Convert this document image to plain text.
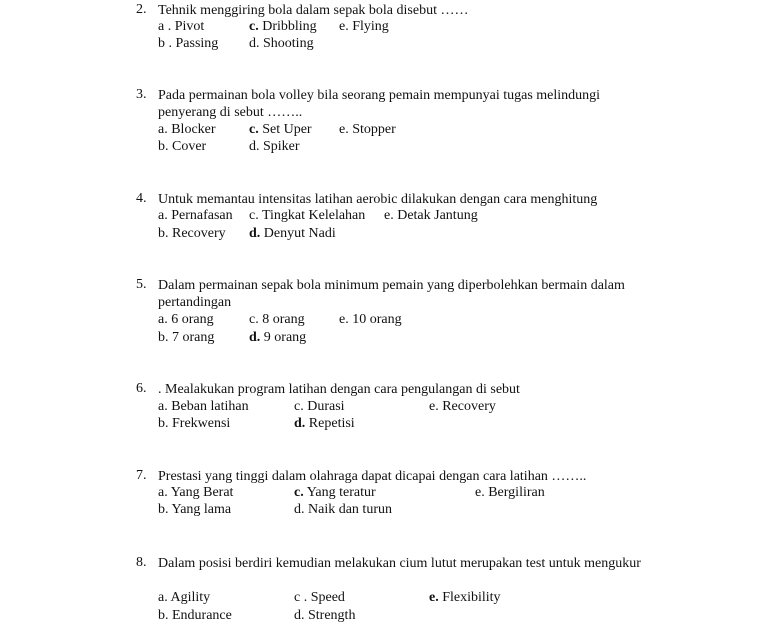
2. Tehnik menggiring bola dalam sepak bola disebut ……
a . Pivot	c. Dribbling e. Flying
b . Passing d. Shooting
3. Pada permainan bola volley bila seorang pemain mempunyai tugas melindungi penyerang di sebut ……..
a. Blocker c. Set Uper e. Stopper
b. Cover	d. Spiker
4. Untuk memantau intensitas latihan aerobic dilakukan dengan cara menghitung
a. Pernafasan c. Tingkat Kelelahan e. Detak Jantung
b. Recovery d. Denyut Nadi
5. Dalam permainan sepak bola minimum pemain yang diperbolehkan bermain dalam pertandingan
a. 6 orang	c. 8 orang e. 10 orang
b. 7 orang d. 9 orang
6. . Mealakukan program latihan dengan cara pengulangan di sebut
a. Beban latihan	c. Durasi	e. Recovery
b. Frekwensi	d. Repetisi
7. Prestasi yang tinggi dalam olahraga dapat dicapai dengan cara latihan ……..
a. Yang Berat	c. Yang teratur	e. Bergiliran
b. Yang lama	d. Naik dan turun
8. Dalam posisi berdiri kemudian melakukan cium lutut merupakan test untuk mengukur
a. Agility	c . Speed	e. Flexibility
b. Endurance	d. Strength
